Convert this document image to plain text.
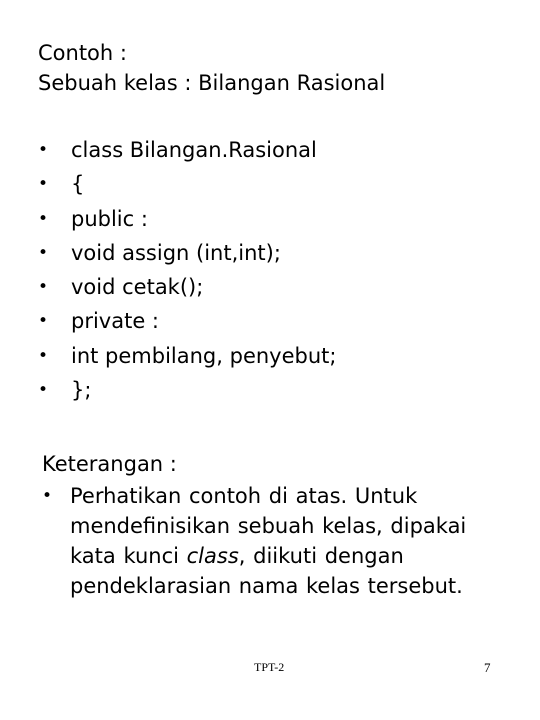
Contoh :
Sebuah kelas : Bilangan Rasional
• class Bilangan.Rasional
• {
• public :
• void assign (int,int);
• void cetak();
• private :
• int pembilang, penyebut;
• };
Keterangan :
• Perhatikan contoh di atas. Untuk mendefinisikan sebuah kelas, dipakai kata kunci class, diikuti dengan pendeklarasian nama kelas tersebut.
TPT-2	7
